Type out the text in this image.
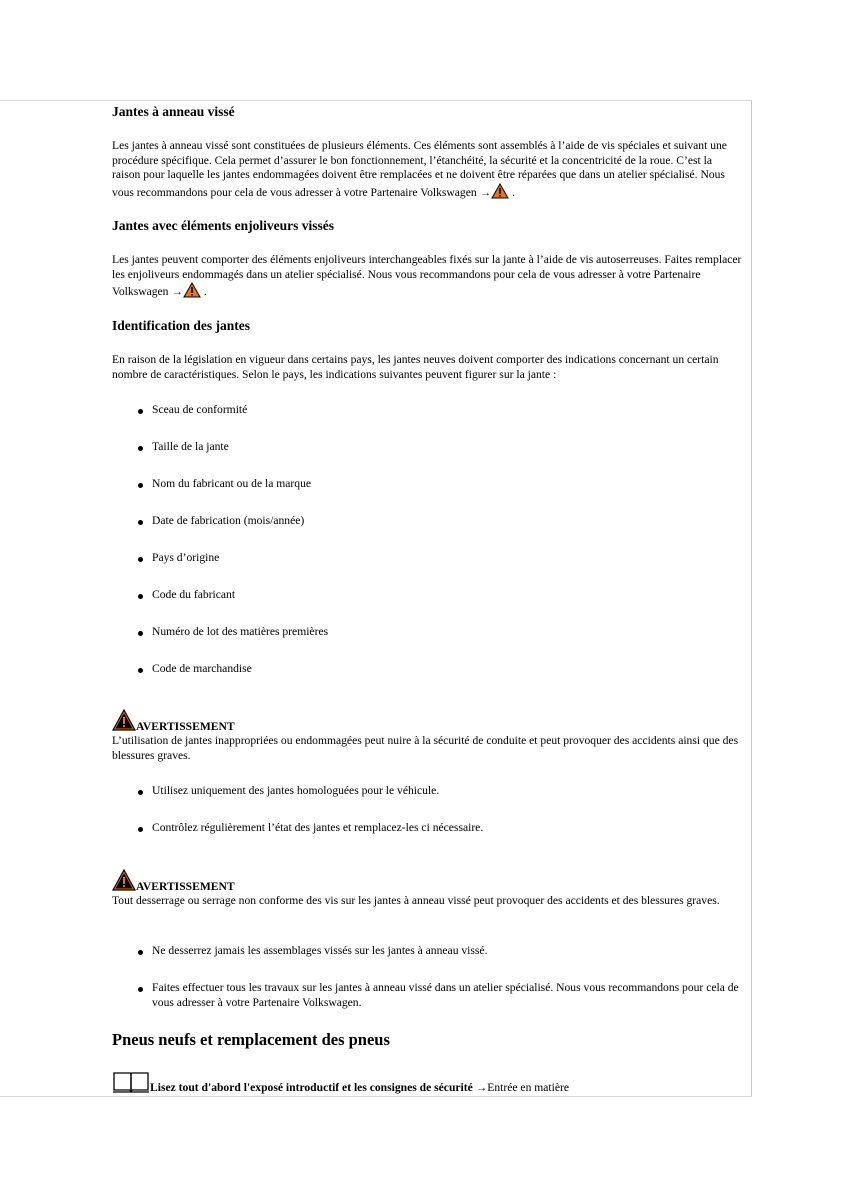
Jantes à anneau vissé

Les jantes à anneau vissé sont constituées de plusieurs éléments. Ces éléments sont assemblés à l’aide de vis spéciales et suivant une procédure spécifique. Cela permet d’assurer le bon fonctionnement, l’étanchéité, la sécurité et la concentricité de la roue. C’est la raison pour laquelle les jantes endommagées doivent être remplacées et ne doivent être réparées que dans un atelier spécialisé. Nous vous recommandons pour cela de vous adresser à votre Partenaire Volkswagen → .

Jantes avec éléments enjoliveurs vissés

Les jantes peuvent comporter des éléments enjoliveurs interchangeables fixés sur la jante à l’aide de vis autoserreuses. Faites remplacer les enjoliveurs endommagés dans un atelier spécialisé. Nous vous recommandons pour cela de vous adresser à votre Partenaire Volkswagen → .

Identification des jantes

En raison de la législation en vigueur dans certains pays, les jantes neuves doivent comporter des indications concernant un certain nombre de caractéristiques. Selon le pays, les indications suivantes peuvent figurer sur la jante :

Sceau de conformité
Taille de la jante
Nom du fabricant ou de la marque
Date de fabrication (mois/année)
Pays d’origine
Code du fabricant
Numéro de lot des matières premières
Code de marchandise
AVERTISSEMENT

L’utilisation de jantes inappropriées ou endommagées peut nuire à la sécurité de conduite et peut provoquer des accidents ainsi que des blessures graves.

Utilisez uniquement des jantes homologuées pour le véhicule.
Contrôlez régulièrement l’état des jantes et remplacez-les ci nécessaire.
AVERTISSEMENT

Tout desserrage ou serrage non conforme des vis sur les jantes à anneau vissé peut provoquer des accidents et des blessures graves.

Ne desserrez jamais les assemblages vissés sur les jantes à anneau vissé.
Faites effectuer tous les travaux sur les jantes à anneau vissé dans un atelier spécialisé. Nous vous recommandons pour cela de vous adresser à votre Partenaire Volkswagen.
Pneus neufs et remplacement des pneus

Lisez tout d'abord l'exposé introductif et les consignes de sécurité →Entrée en matière
